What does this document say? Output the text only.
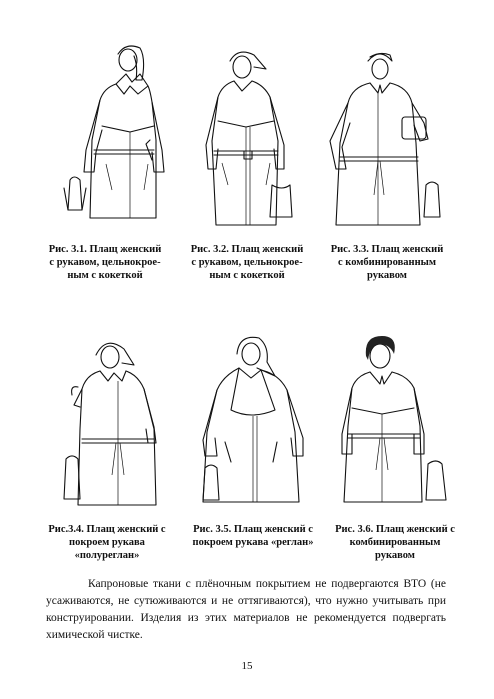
Рис. 3.1. Плащ женский
с рукавом, цельнокрое-
ным с кокеткой
Рис. 3.2. Плащ женский
с рукавом, цельнокрое-
ным с кокеткой
Рис. 3.3. Плащ женский
с комбинированным
рукавом
Рис.3.4. Плащ женский с
покроем рукава
«полуреглан»
Рис. 3.5. Плащ женский с
покроем рукава «реглан»
Рис. 3.6. Плащ женский с
комбинированным
рукавом

Капроновые ткани с плёночным покрытием не подвергаются ВТО (не усаживаются, не сутюживаются и не оттягиваются), что нужно учитывать при конструировании. Изделия из этих материалов не рекомендуется подвергать химической чистке.

15
